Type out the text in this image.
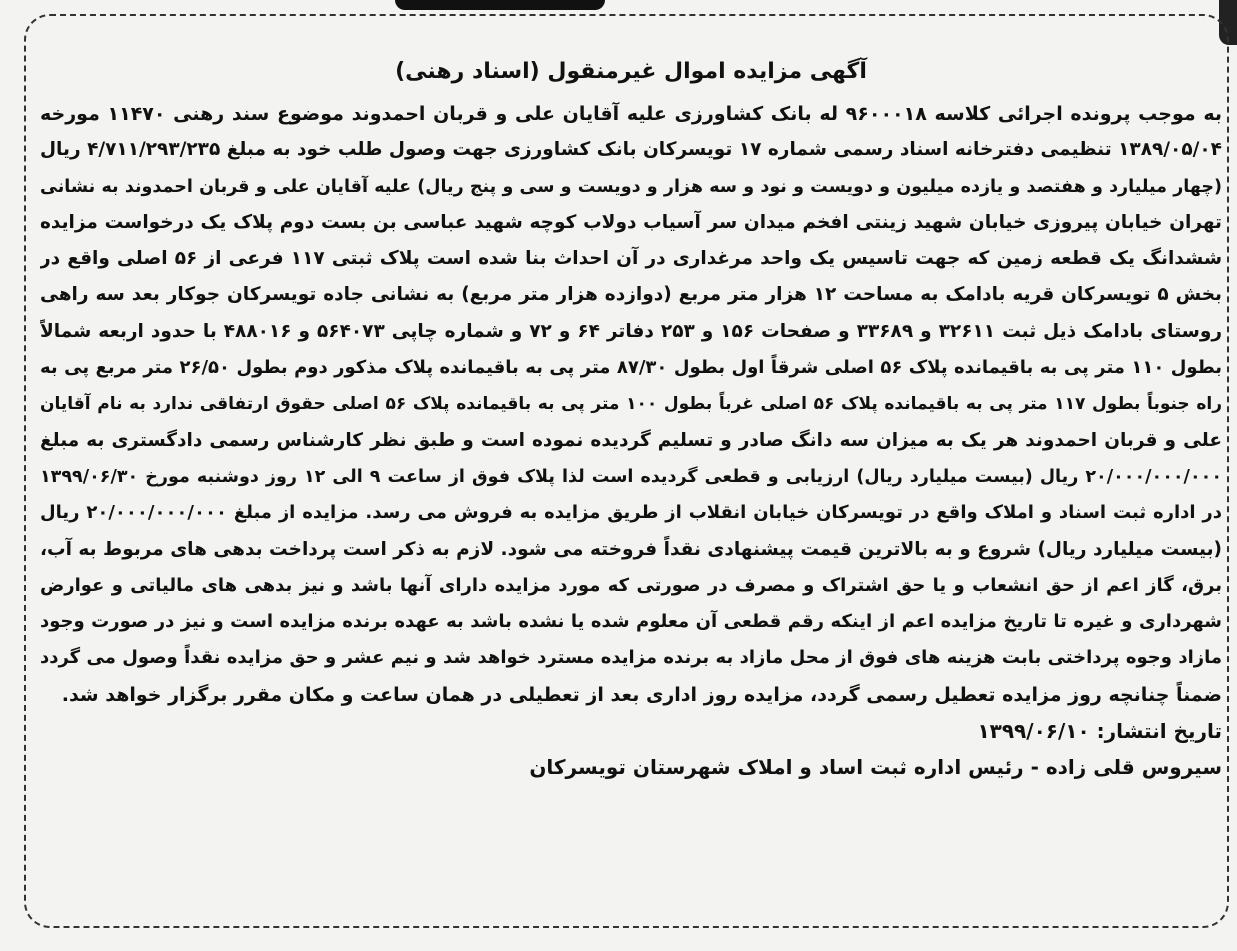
آگهی مزایده اموال غیرمنقول (اسناد رهنی)
به موجب پرونده اجرائی کلاسه ۹۶۰۰۰۱۸ له بانک کشاورزی علیه آقایان علی و قربان احمدوند موضوع سند رهنی ۱۱۴۷۰ مورخه
۱۳۸۹/۰۵/۰۴ تنظیمی دفترخانه اسناد رسمی شماره ۱۷ تویسرکان بانک کشاورزی جهت وصول طلب خود به مبلغ ۴/۷۱۱/۲۹۳/۲۳۵ ریال
(چهار میلیارد و هفتصد و یازده میلیون و دویست و نود و سه هزار و دویست و سی و پنج ریال) علیه آقایان علی و قربان احمدوند به نشانی
تهران خیابان پیروزی خیابان شهید زینتی افخم میدان سر آسیاب دولاب کوچه شهید عباسی بن بست دوم پلاک یک درخواست مزایده
ششدانگ یک قطعه زمین که جهت تاسیس یک واحد مرغداری در آن احداث بنا شده است پلاک ثبتی ۱۱۷ فرعی از ۵۶ اصلی واقع در
بخش ۵ تویسرکان قریه بادامک به مساحت ۱۲ هزار متر مربع (دوازده هزار متر مربع) به نشانی جاده تویسرکان جوکار بعد سه راهی
روستای بادامک ذیل ثبت ۳۲۶۱۱ و ۳۳۶۸۹ و صفحات ۱۵۶ و ۲۵۳ دفاتر ۶۴ و ۷۲ و شماره چاپی ۵۶۴۰۷۳ و ۴۸۸۰۱۶ با حدود اربعه شمالاً
بطول ۱۱۰ متر پی به باقیمانده پلاک ۵۶ اصلی شرقاً اول بطول ۸۷/۳۰ متر پی به باقیمانده پلاک مذکور دوم بطول ۲۶/۵۰ متر مربع پی به
راه جنوباً بطول ۱۱۷ متر پی به باقیمانده پلاک ۵۶ اصلی غرباً بطول ۱۰۰ متر پی به باقیمانده پلاک ۵۶ اصلی حقوق ارتفاقی ندارد به نام آقایان
علی و قربان احمدوند هر یک به میزان سه دانگ صادر و تسلیم گردیده نموده است و طبق نظر کارشناس رسمی دادگستری به مبلغ
۲۰/۰۰۰/۰۰۰/۰۰۰ ریال (بیست میلیارد ریال) ارزیابی و قطعی گردیده است لذا پلاک فوق از ساعت ۹ الی ۱۲ روز دوشنبه مورخ ۱۳۹۹/۰۶/۳۰
در اداره ثبت اسناد و املاک واقع در تویسرکان خیابان انقلاب از طریق مزایده به فروش می رسد. مزایده از مبلغ ۲۰/۰۰۰/۰۰۰/۰۰۰ ریال
(بیست میلیارد ریال) شروع و به بالاترین قیمت پیشنهادی نقداً فروخته می شود. لازم به ذکر است پرداخت بدهی های مربوط به آب،
برق، گاز اعم از حق انشعاب و یا حق اشتراک و مصرف در صورتی که مورد مزایده دارای آنها باشد و نیز بدهی های مالیاتی و عوارض
شهرداری و غیره تا تاریخ مزایده اعم از اینکه رقم قطعی آن معلوم شده یا نشده باشد به عهده برنده مزایده است و نیز در صورت وجود
مازاد وجوه پرداختی بابت هزینه های فوق از محل مازاد به برنده مزایده مسترد خواهد شد و نیم عشر و حق مزایده نقداً وصول می گردد
ضمناً چنانچه روز مزایده تعطیل رسمی گردد، مزایده روز اداری بعد از تعطیلی در همان ساعت و مکان مقرر برگزار خواهد شد.
تاریخ انتشار: ۱۳۹۹/۰۶/۱۰
سیروس قلی زاده - رئیس اداره ثبت اساد و املاک شهرستان تویسرکان
